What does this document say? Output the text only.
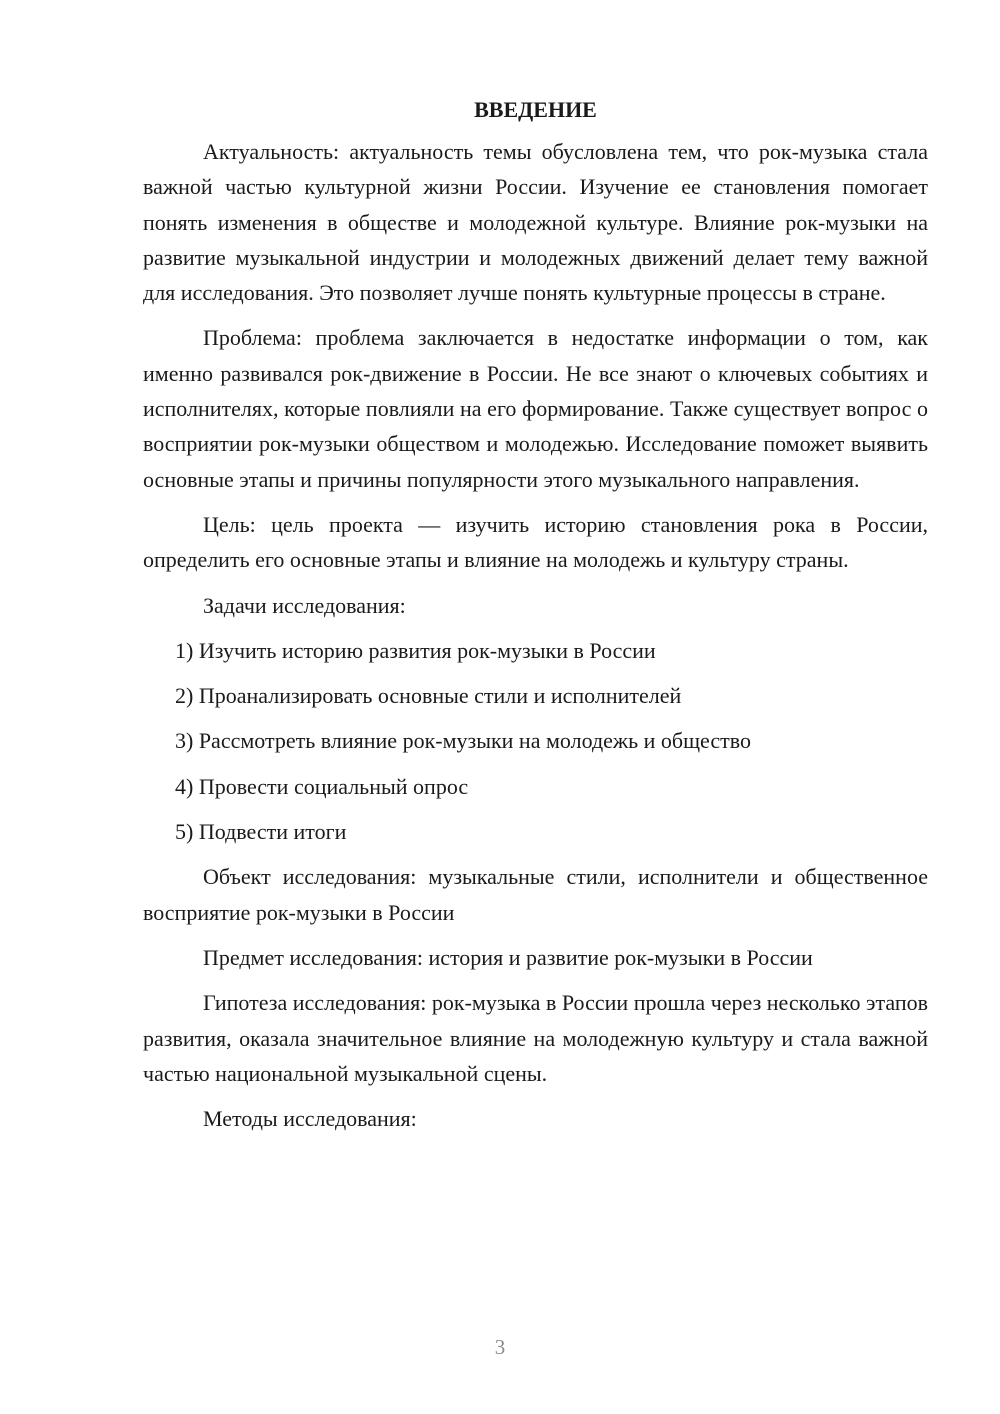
ВВЕДЕНИЕ

Актуальность: актуальность темы обусловлена тем, что рок-музыка стала важной частью культурной жизни России. Изучение ее становления помогает понять изменения в обществе и молодежной культуре. Влияние рок-музыки на развитие музыкальной индустрии и молодежных движений делает тему важной для исследования. Это позволяет лучше понять культурные процессы в стране.

Проблема: проблема заключается в недостатке информации о том, как именно развивался рок-движение в России. Не все знают о ключевых событиях и исполнителях, которые повлияли на его формирование. Также существует вопрос о восприятии рок-музыки обществом и молодежью. Исследование поможет выявить основные этапы и причины популярности этого музыкального направления.

Цель: цель проекта — изучить историю становления рока в России, определить его основные этапы и влияние на молодежь и культуру страны.

Задачи исследования:

1) Изучить историю развития рок-музыки в России
2) Проанализировать основные стили и исполнителей
3) Рассмотреть влияние рок-музыки на молодежь и общество
4) Провести социальный опрос
5) Подвести итоги

Объект исследования: музыкальные стили, исполнители и общественное восприятие рок-музыки в России

Предмет исследования: история и развитие рок-музыки в России

Гипотеза исследования: рок-музыка в России прошла через несколько этапов развития, оказала значительное влияние на молодежную культуру и стала важной частью национальной музыкальной сцены.

Методы исследования:

3
